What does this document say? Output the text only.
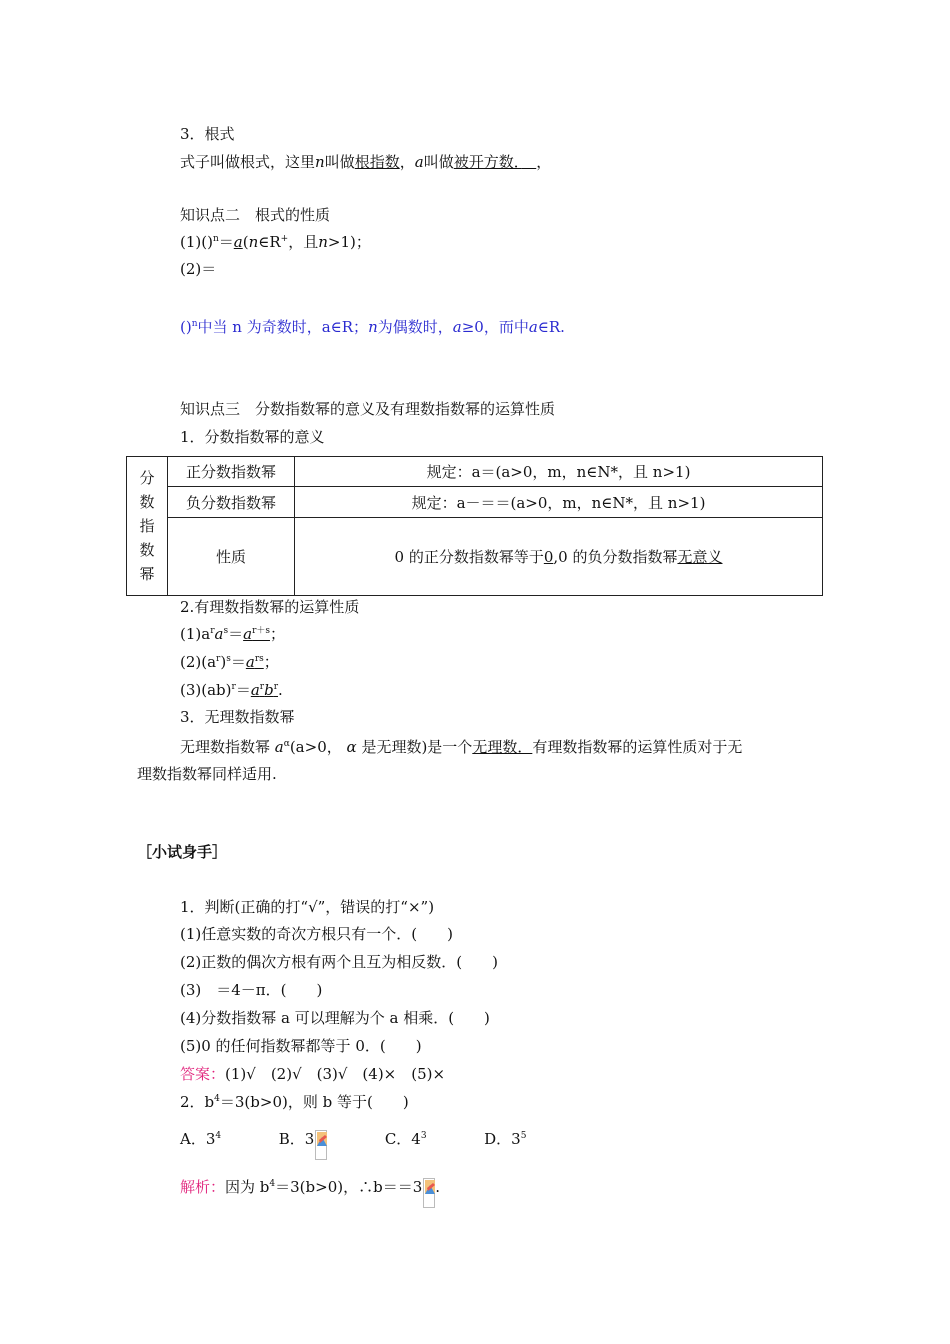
3．根式
式子叫做根式，这里n叫做根指数，a叫做被开方数．　 ，
知识点二　根式的性质
(1)()$^n$＝a(n∈R+，且n>1)；
(2)＝
()$^n$中当 n 为奇数时，a∈R；n为偶数时，a≥0，而中a∈R.
知识点三　分数指数幂的意义及有理数指数幂的运算性质
1．分数指数幂的意义
分
数
指
数
幂	正分数指数幂	规定：a＝(a>0，m，n∈N*，且 n>1)
	负分数指数幂	规定：a－＝＝(a>0，m，n∈N*，且 n>1)
	性质	0 的正分数指数幂等于0,0 的负分数指数幂无意义
2.有理数指数幂的运算性质
$(1)a^ra^s=a^{r+s}$；
$(2)(a^r)^s=a^{rs}$；
$(3)(ab)^r=a^rb^r$.
3．无理数指数幂
无理数指数幂 $a^\alpha(a>0$， α 是无理数)是一个无理数．有理数指数幂的运算性质对于无
理数指数幂同样适用.
［小试身手］
1．判断(正确的打“√”，错误的打“×”)
(1)任意实数的奇次方根只有一个．(　　)
(2)正数的偶次方根有两个且互为相反数．(　　)
(3)　＝4－π．(　　)
(4)分数指数幂 a 可以理解为个 a 相乘．(　　)
(5)0 的任何指数幂都等于 0．(　　)
答案：(1)√　(2)√　(3)√　(4)×　(5)×
2．$b^4=3(b>0)$，则 b 等于(　　)
A．$3^4$	B．3	C．$4^3$	D．$3^5$
解析：因为 $b^4=3(b>0)$，∴b＝＝3 .
